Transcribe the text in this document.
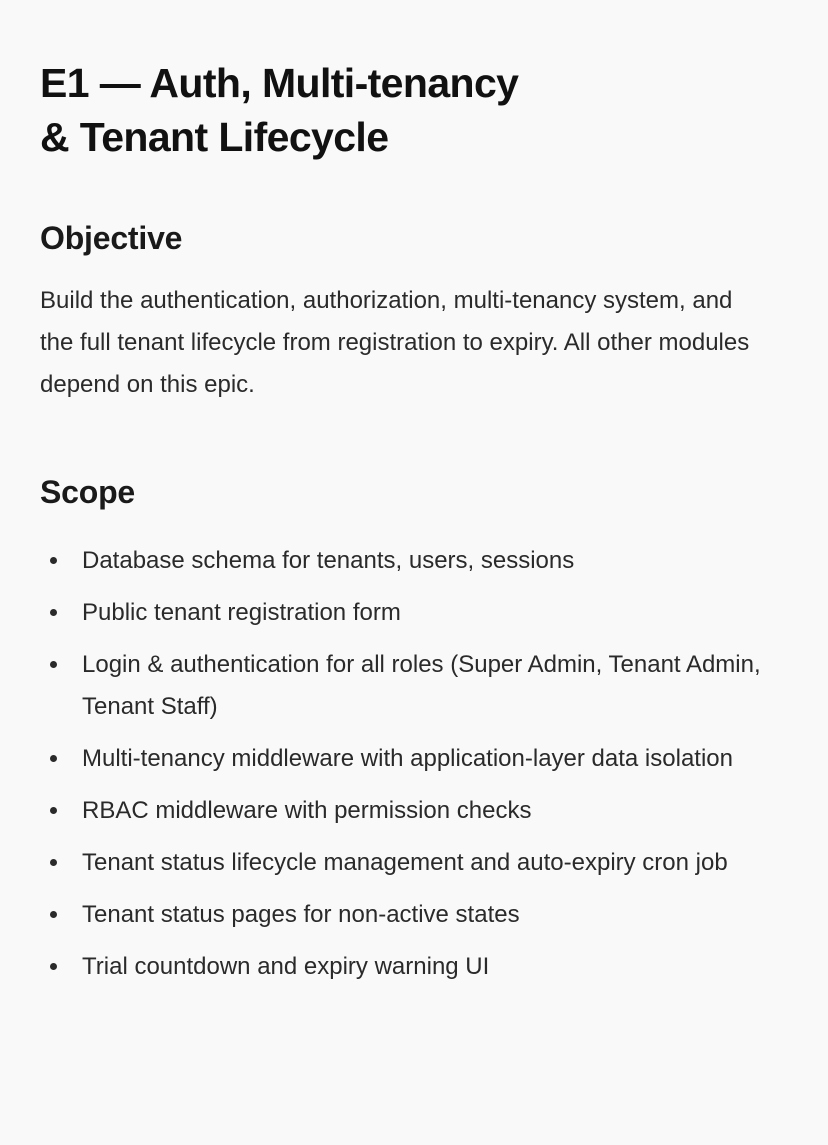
E1 — Auth, Multi-tenancy
& Tenant Lifecycle
Objective

Build the authentication, authorization, multi-tenancy system, and the full tenant lifecycle from registration to expiry. All other modules depend on this epic.

Scope
Database schema for tenants, users, sessions
Public tenant registration form
Login & authentication for all roles (Super Admin, Tenant Admin, Tenant Staff)
Multi-tenancy middleware with application-layer data isolation
RBAC middleware with permission checks
Tenant status lifecycle management and auto-expiry cron job
Tenant status pages for non-active states
Trial countdown and expiry warning UI
